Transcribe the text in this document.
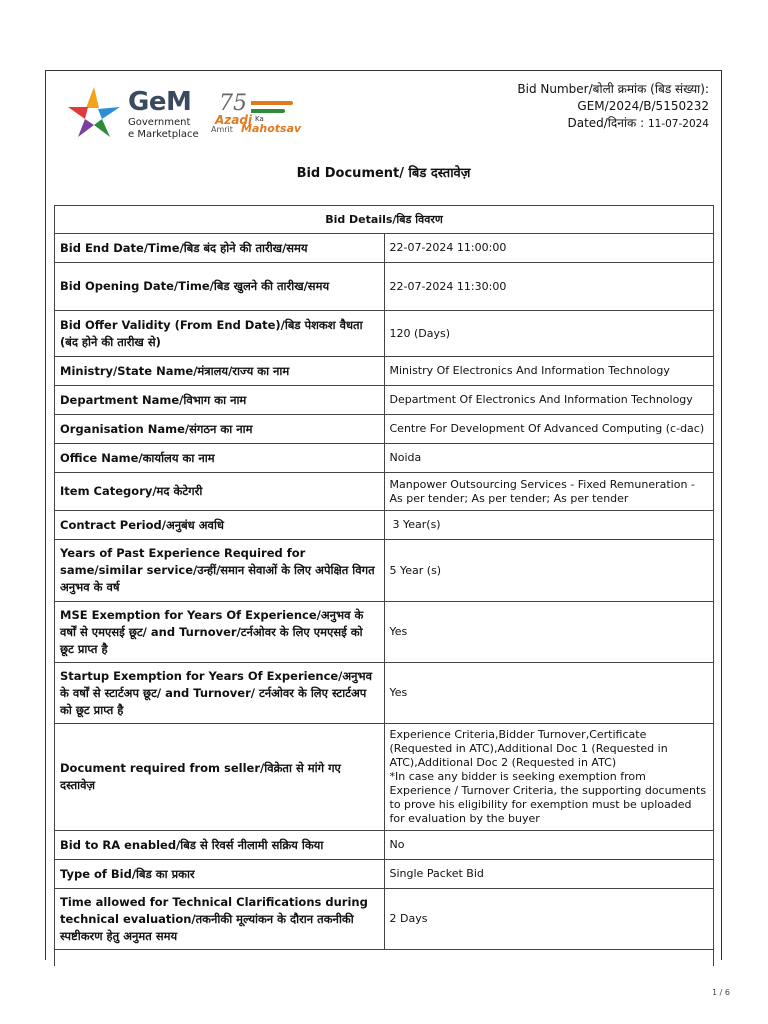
GeM
Government
e Marketplace
75
Azadi Ka
Amrit Mahotsav
Bid Number/बोली क्रमांक (बिड संख्या):
GEM/2024/B/5150232
Dated/दिनांक : 11-07-2024
Bid Document/ बिड दस्तावेज़
Bid Details/बिड विवरण	
Bid End Date/Time/बिड बंद होने की तारीख/समय	22-07-2024 11:00:00
Bid Opening Date/Time/बिड खुलने की तारीख/समय	22-07-2024 11:30:00
Bid Offer Validity (From End Date)/बिड पेशकश वैधता (बंद होने की तारीख से)	120 (Days)
Ministry/State Name/मंत्रालय/राज्य का नाम	Ministry Of Electronics And Information Technology
Department Name/विभाग का नाम	Department Of Electronics And Information Technology
Organisation Name/संगठन का नाम	Centre For Development Of Advanced Computing (c-dac)
Office Name/कार्यालय का नाम	Noida
Item Category/मद केटेगरी	Manpower Outsourcing Services - Fixed Remuneration - As per tender; As per tender; As per tender
Contract Period/अनुबंध अवधि	3 Year(s)
Years of Past Experience Required for same/similar service/उन्हीं/समान सेवाओं के लिए अपेक्षित विगत अनुभव के वर्ष	5 Year (s)
MSE Exemption for Years Of Experience/अनुभव के वर्षों से एमएसई छूट/ and Turnover/टर्नओवर के लिए एमएसई को छूट प्राप्त है	Yes
Startup Exemption for Years Of Experience/अनुभव के वर्षों से स्टार्टअप छूट/ and Turnover/ टर्नओवर के लिए स्टार्टअप को छूट प्राप्त है	Yes
Document required from seller/विक्रेता से मांगे गए दस्तावेज़	Experience Criteria,Bidder Turnover,Certificate (Requested in ATC),Additional Doc 1 (Requested in ATC),Additional Doc 2 (Requested in ATC)
*In case any bidder is seeking exemption from Experience / Turnover Criteria, the supporting documents to prove his eligibility for exemption must be uploaded for evaluation by the buyer

Bid to RA enabled/बिड से रिवर्स नीलामी सक्रिय किया	No
Type of Bid/बिड का प्रकार	Single Packet Bid
Time allowed for Technical Clarifications during technical evaluation/तकनीकी मूल्यांकन के दौरान तकनीकी स्पष्टीकरण हेतु अनुमत समय	2 Days

1 / 6
